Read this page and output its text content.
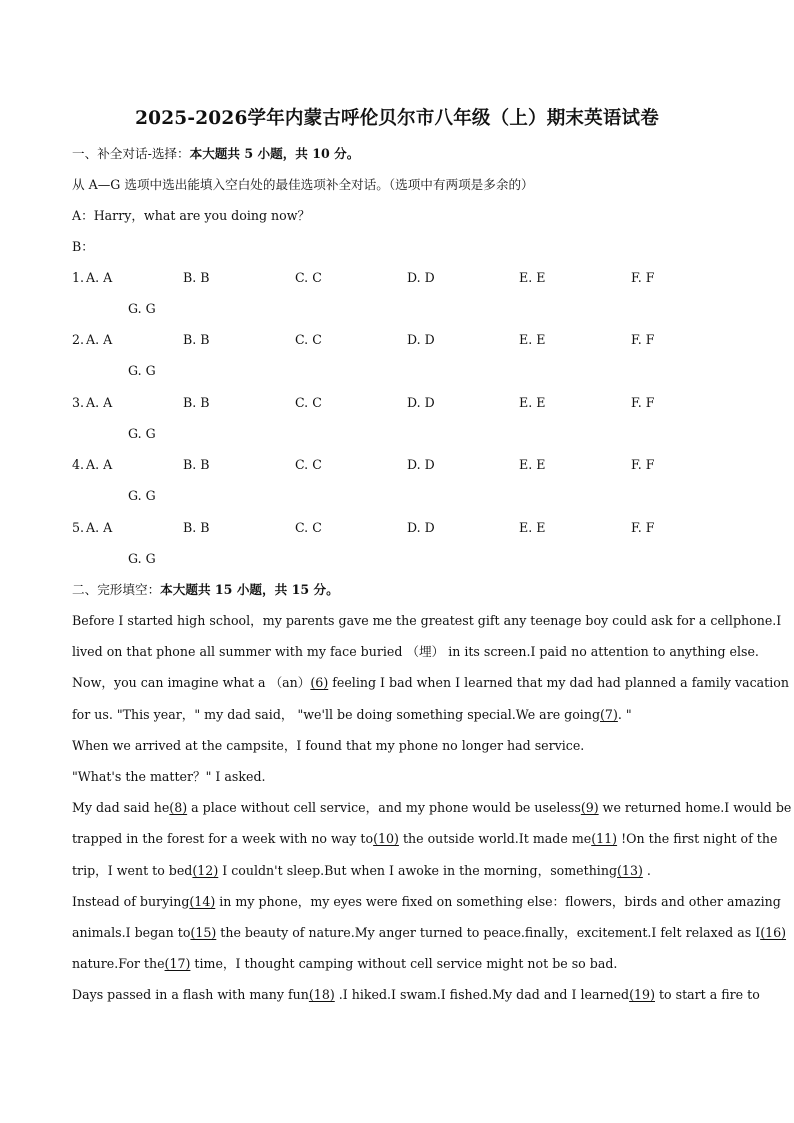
2025-2026学年内蒙古呼伦贝尔市八年级（上）期末英语试卷
一、补全对话-选择：本大题共 5 小题，共 10 分。
从 A—G 选项中选出能填入空白处的最佳选项补全对话。（选项中有两项是多余的）
A：Harry，what are you doing now？
B：
1. A. A	B. B	C. C	D. D	E. E	F. F
G. G
2. A. A	B. B	C. C	D. D	E. E	F. F
G. G
3. A. A	B. B	C. C	D. D	E. E	F. F
G. G
4. A. A	B. B	C. C	D. D	E. E	F. F
G. G
5. A. A	B. B	C. C	D. D	E. E	F. F
G. G
二、完形填空：本大题共 15 小题，共 15 分。
Before I started high school，my parents gave me the greatest gift any teenage boy could ask for a cellphone.I
lived on that phone all summer with my face buried （埋） in its screen.I paid no attention to anything else.
Now，you can imagine what a （an）(6) feeling I bad when I learned that my dad had planned a family vacation
for us. "This year，" my dad said， "we'll be doing something special.We are going(7). "
When we arrived at the campsite，I found that my phone no longer had service.
"What's the matter？" I asked.
My dad said he(8) a place without cell service，and my phone would be useless(9) we returned home.I would be
trapped in the forest for a week with no way to(10) the outside world.It made me(11) !On the first night of the
trip，I went to bed(12) I couldn't sleep.But when I awoke in the morning，something(13) .
Instead of burying(14) in my phone，my eyes were fixed on something else：flowers，birds and other amazing
animals.I began to(15) the beauty of nature.My anger turned to peace.finally，excitement.I felt relaxed as I(16)
nature.For the(17) time，I thought camping without cell service might not be so bad.
Days passed in a flash with many fun(18) .I hiked.I swam.I fished.My dad and I learned(19) to start a fire to
